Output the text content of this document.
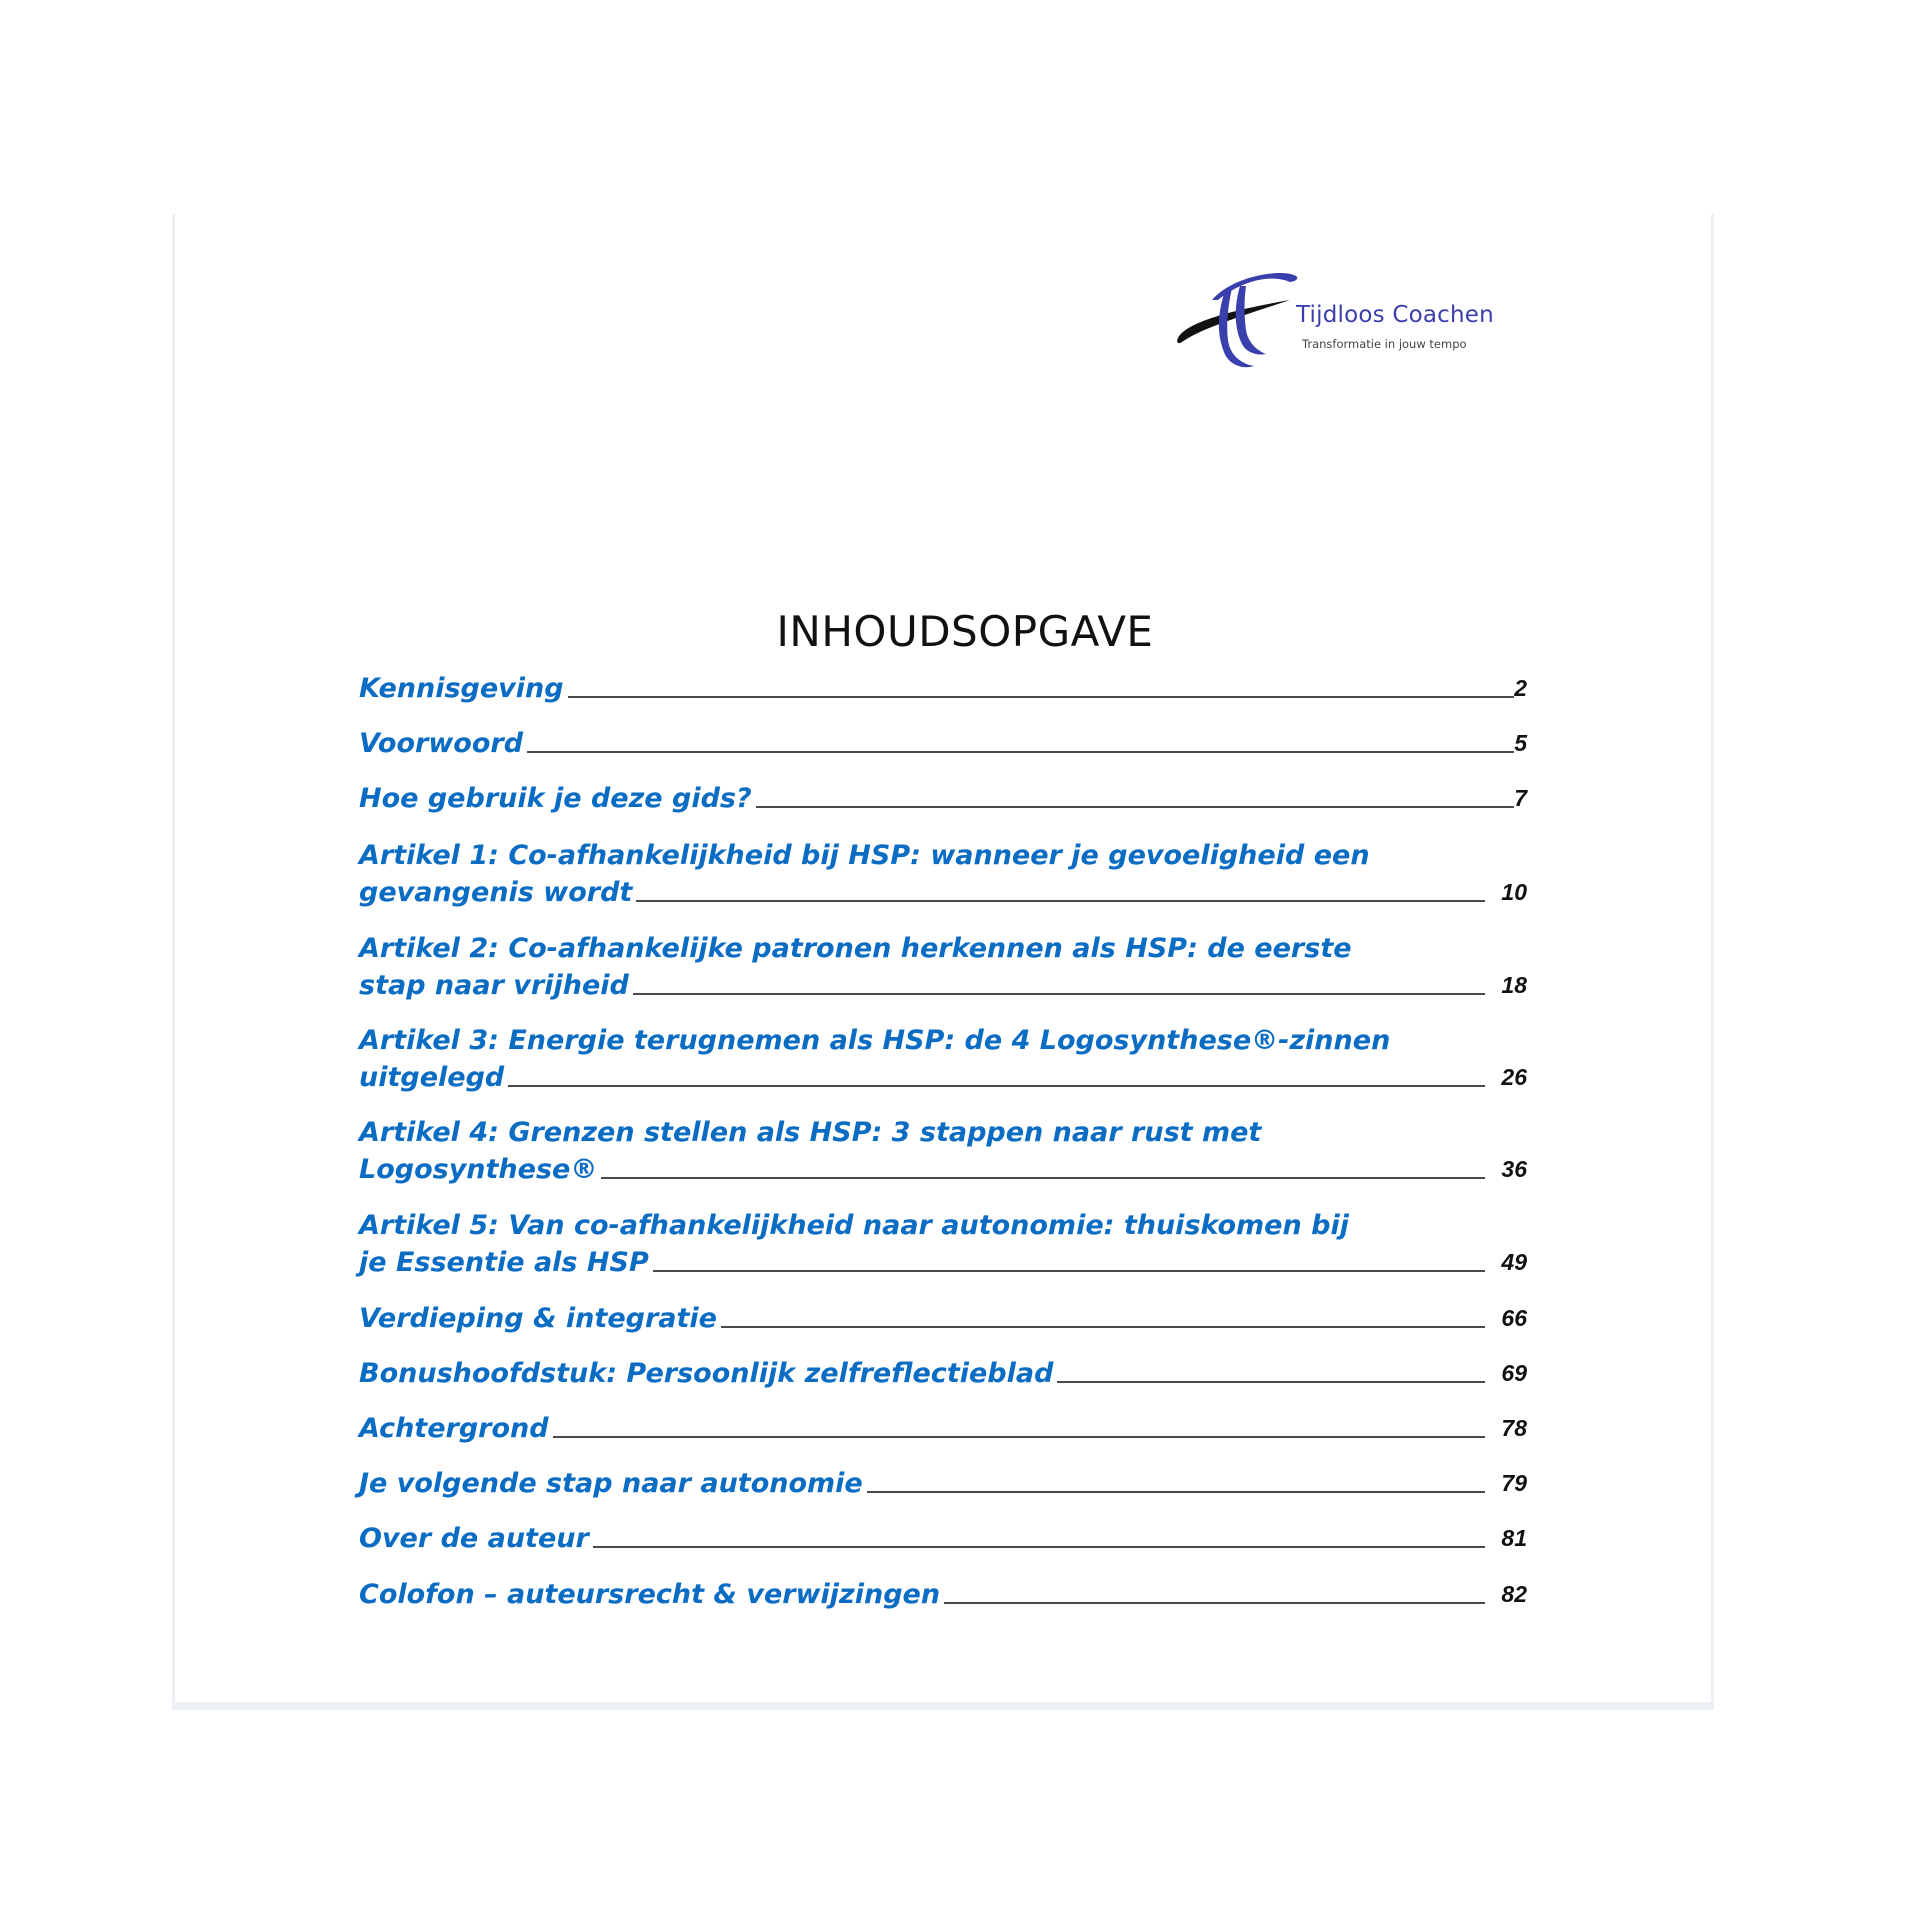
Tijdloos Coachen
Transformatie in jouw tempo
INHOUDSOPGAVE
Kennisgeving	2
Voorwoord	5
Hoe gebruik je deze gids?	7
Artikel 1: Co-afhankelijkheid bij HSP: wanneer je gevoeligheid een
gevangenis wordt	10
Artikel 2: Co-afhankelijke patronen herkennen als HSP: de eerste
stap naar vrijheid	18
Artikel 3: Energie terugnemen als HSP: de 4 Logosynthese®-zinnen
uitgelegd	26
Artikel 4: Grenzen stellen als HSP: 3 stappen naar rust met
Logosynthese®	36
Artikel 5: Van co-afhankelijkheid naar autonomie: thuiskomen bij
je Essentie als HSP	49
Verdieping & integratie	66
Bonushoofdstuk: Persoonlijk zelfreflectieblad	69
Achtergrond	78
Je volgende stap naar autonomie	79
Over de auteur	81
Colofon – auteursrecht & verwijzingen	82
